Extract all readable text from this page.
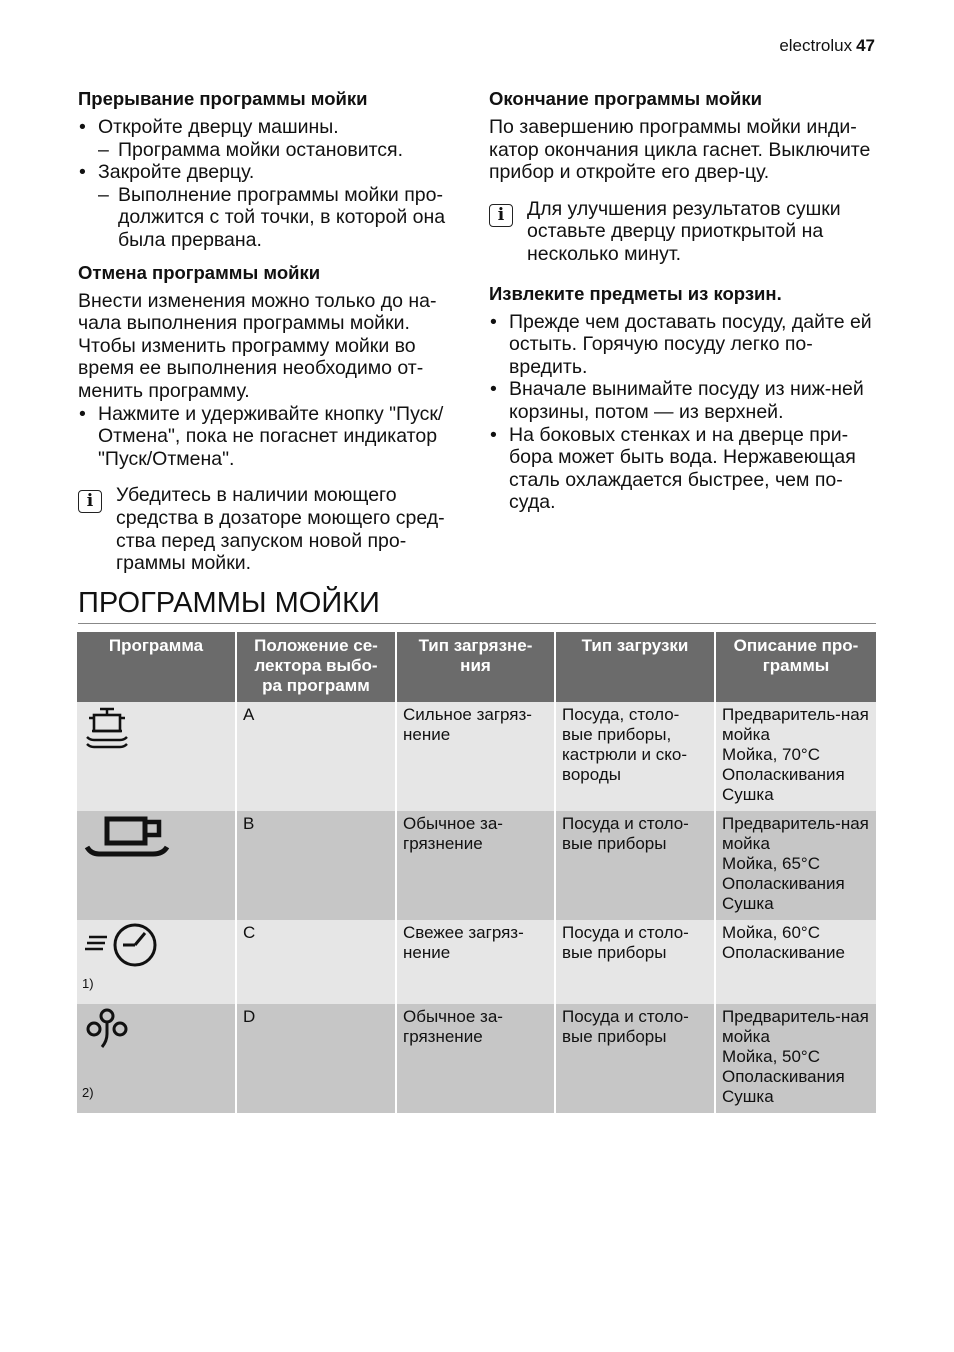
electrolux 47
Прерывание программы мойки
• Откройте дверцу машины.
– Программа мойки остановится.
• Закройте дверцу.
– Выполнение программы мойки про-должится с той точки, в которой она была прервана.
Отмена программы мойки

Внести изменения можно только до на-чала выполнения программы мойки. Чтобы изменить программу мойки во время ее выполнения необходимо от-менить программу.

• Нажмите и удерживайте кнопку "Пуск/Отмена", пока не погаснет индикатор "Пуск/Отмена".
i	Убедитесь в наличии моющего средства в дозаторе моющего сред-ства перед запуском новой про-граммы мойки.
Окончание программы мойки

По завершению программы мойки инди-катор окончания цикла гаснет. Выключите прибор и откройте его двер-цу.

i	Для улучшения результатов сушки оставьте дверцу приоткрытой на несколько минут.
Извлеките предметы из корзин.
• Прежде чем доставать посуду, дайте ей остыть. Горячую посуду легко по-вредить.
• Вначале вынимайте посуду из ниж-ней корзины, потом — из верхней.
• На боковых стенках и на дверце при-бора может быть вода. Нержавеющая сталь охлаждается быстрее, чем по-суда.
ПРОГРАММЫ МОЙКИ
Программа	Положение се-лектора выбо-ра программ	Тип загрязне-ния	Тип загрузки	Описание про-граммы

	A	Сильное загряз-нение	Посуда, столо-вые приборы, кастрюли и ско-вороды	Предваритель-ная мойка
Мойка, 70°C
Ополаскивания
Сушка

	B	Обычное за-грязнение	Посуда и столо-вые приборы	Предваритель-ная мойка
Мойка, 65°C
Ополаскивания
Сушка

1)	C	Свежее загряз-нение	Посуда и столо-вые приборы	Мойка, 60°C
Ополаскивание

2)	D	Обычное за-грязнение	Посуда и столо-вые приборы	Предваритель-ная мойка
Мойка, 50°C
Ополаскивания
Сушка
